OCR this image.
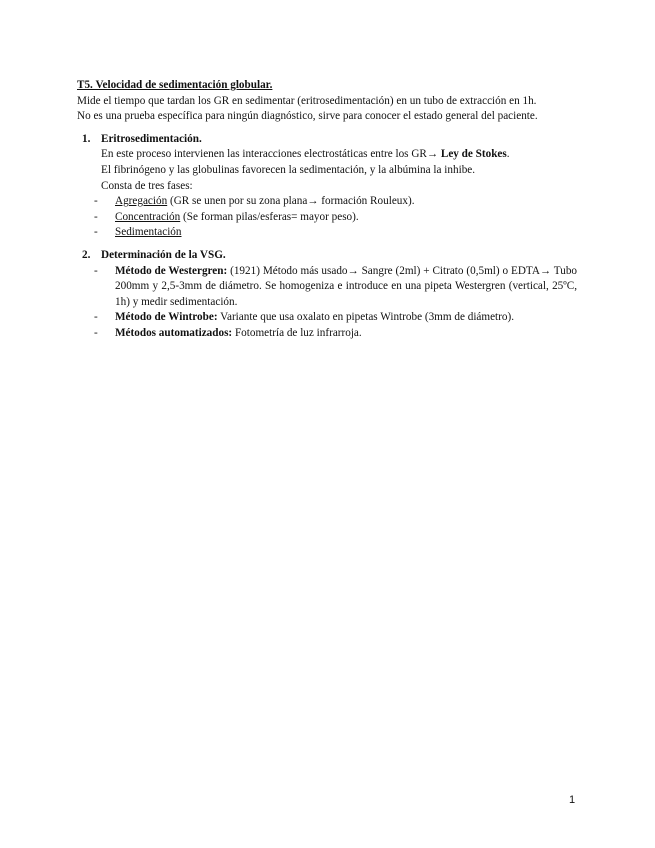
T5. Velocidad de sedimentación globular.

Mide el tiempo que tardan los GR en sedimentar (eritrosedimentación) en un tubo de extracción en 1h.

No es una prueba específica para ningún diagnóstico, sirve para conocer el estado general del paciente.

1. Eritrosedimentación.

En este proceso intervienen las interacciones electrostáticas entre los GR→ Ley de Stokes.

El fibrinógeno y las globulinas favorecen la sedimentación, y la albúmina la inhibe.

Consta de tres fases:

- Agregación (GR se unen por su zona plana→ formación Rouleux).
- Concentración (Se forman pilas/esferas= mayor peso).
- Sedimentación
2. Determinación de la VSG.

- Método de Westergren: (1921) Método más usado→ Sangre (2ml) + Citrato (0,5ml) o EDTA→ Tubo 200mm y 2,5-3mm de diámetro. Se homogeniza e introduce en una pipeta Westergren (vertical, 25ºC, 1h) y medir sedimentación.
- Método de Wintrobe: Variante que usa oxalato en pipetas Wintrobe (3mm de diámetro).
- Métodos automatizados: Fotometría de luz infrarroja.
1
